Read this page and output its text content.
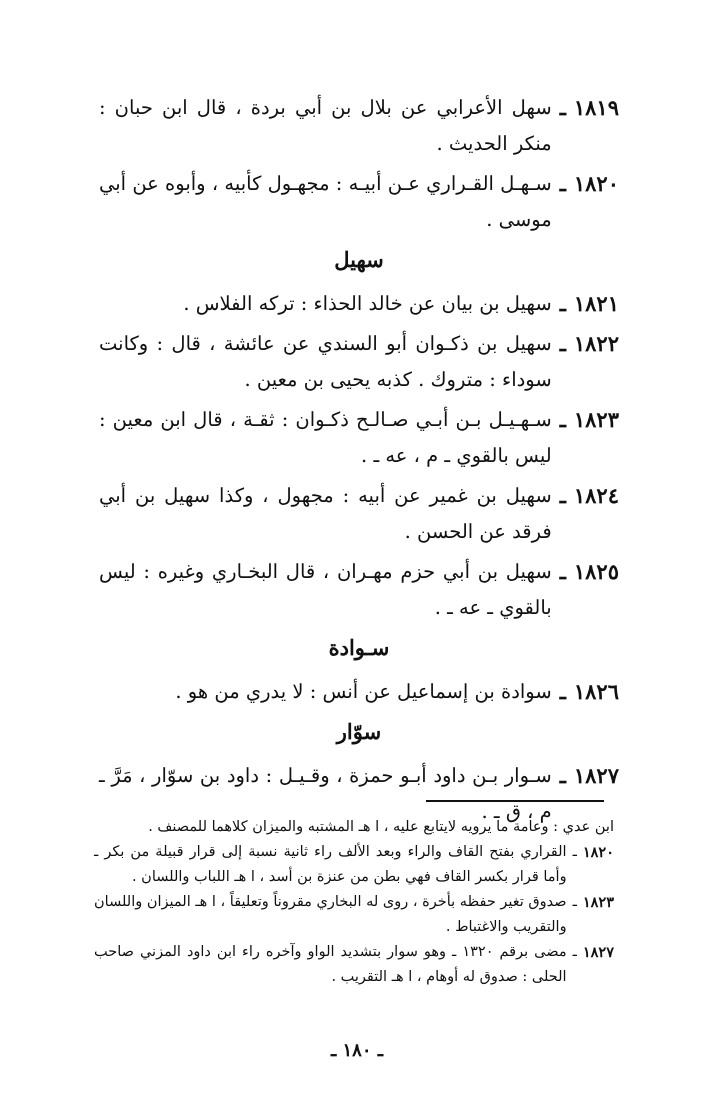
١٨١٩
ـ
سهل الأعرابي عن بلال بن أبي بردة ، قال ابن حبان : منكر الحديث .
١٨٢٠
ـ
سـهـل القـراري عـن أبيـه : مجهـول كأبيه ، وأبوه عن أبي موسى .
سهيل
١٨٢١
ـ
سهيل بن بيان عن خالد الحذاء : تركه الفلاس .
١٨٢٢
ـ
سهيل بن ذكـوان أبو السندي عن عائشة ، قال : وكانت سوداء : متروك . كذبه يحيى بن معين .
١٨٢٣
ـ
سـهـيـل بـن أبـي صـالـح ذكـوان : ثقـة ، قال ابن معين : ليس بالقوي ـ م ، عه ـ .
١٨٢٤
ـ
سهيل بن غمير عن أبيه : مجهول ، وكذا سهيل بن أبي فرقد عن الحسن .
١٨٢٥
ـ
سهيل بن أبي حزم مهـران ، قال البخـاري وغيره : ليس بالقوي ـ عه ـ .
سـوادة
١٨٢٦
ـ
سوادة بن إسماعيل عن أنس : لا يدري من هو .
سوّار
١٨٢٧
ـ
سـوار بـن داود أبـو حمزة ، وقـيـل : داود بن سوّار ، مَرَّ ـ م ، ق ـ .
ابن عدي : وعامة ما يرويه لايتابع عليه ، ا هـ المشتبه والميزان كلاهما للمصنف .
١٨٢٠
ـ
القراري بفتح القاف والراء وبعد الألف راء ثانية نسبة إلى قرار قبيلة من بكر ـ وأما قرار بكسر القاف فهي بطن من عنزة بن أسد ، ا هـ اللباب واللسان .
١٨٢٣
ـ
صدوق تغير حفظه بأخرة ، روى له البخاري مقروناً وتعليقاً ، ا هـ الميزان واللسان والتقريب والاغتباط .
١٨٢٧
ـ
مضى برقم ١٣٢٠ ـ وهو سوار بتشديد الواو وآخره راء ابن داود المزني صاحب الحلى : صدوق له أوهام ، ا هـ التقريب .
ـ ١٨٠ ـ
